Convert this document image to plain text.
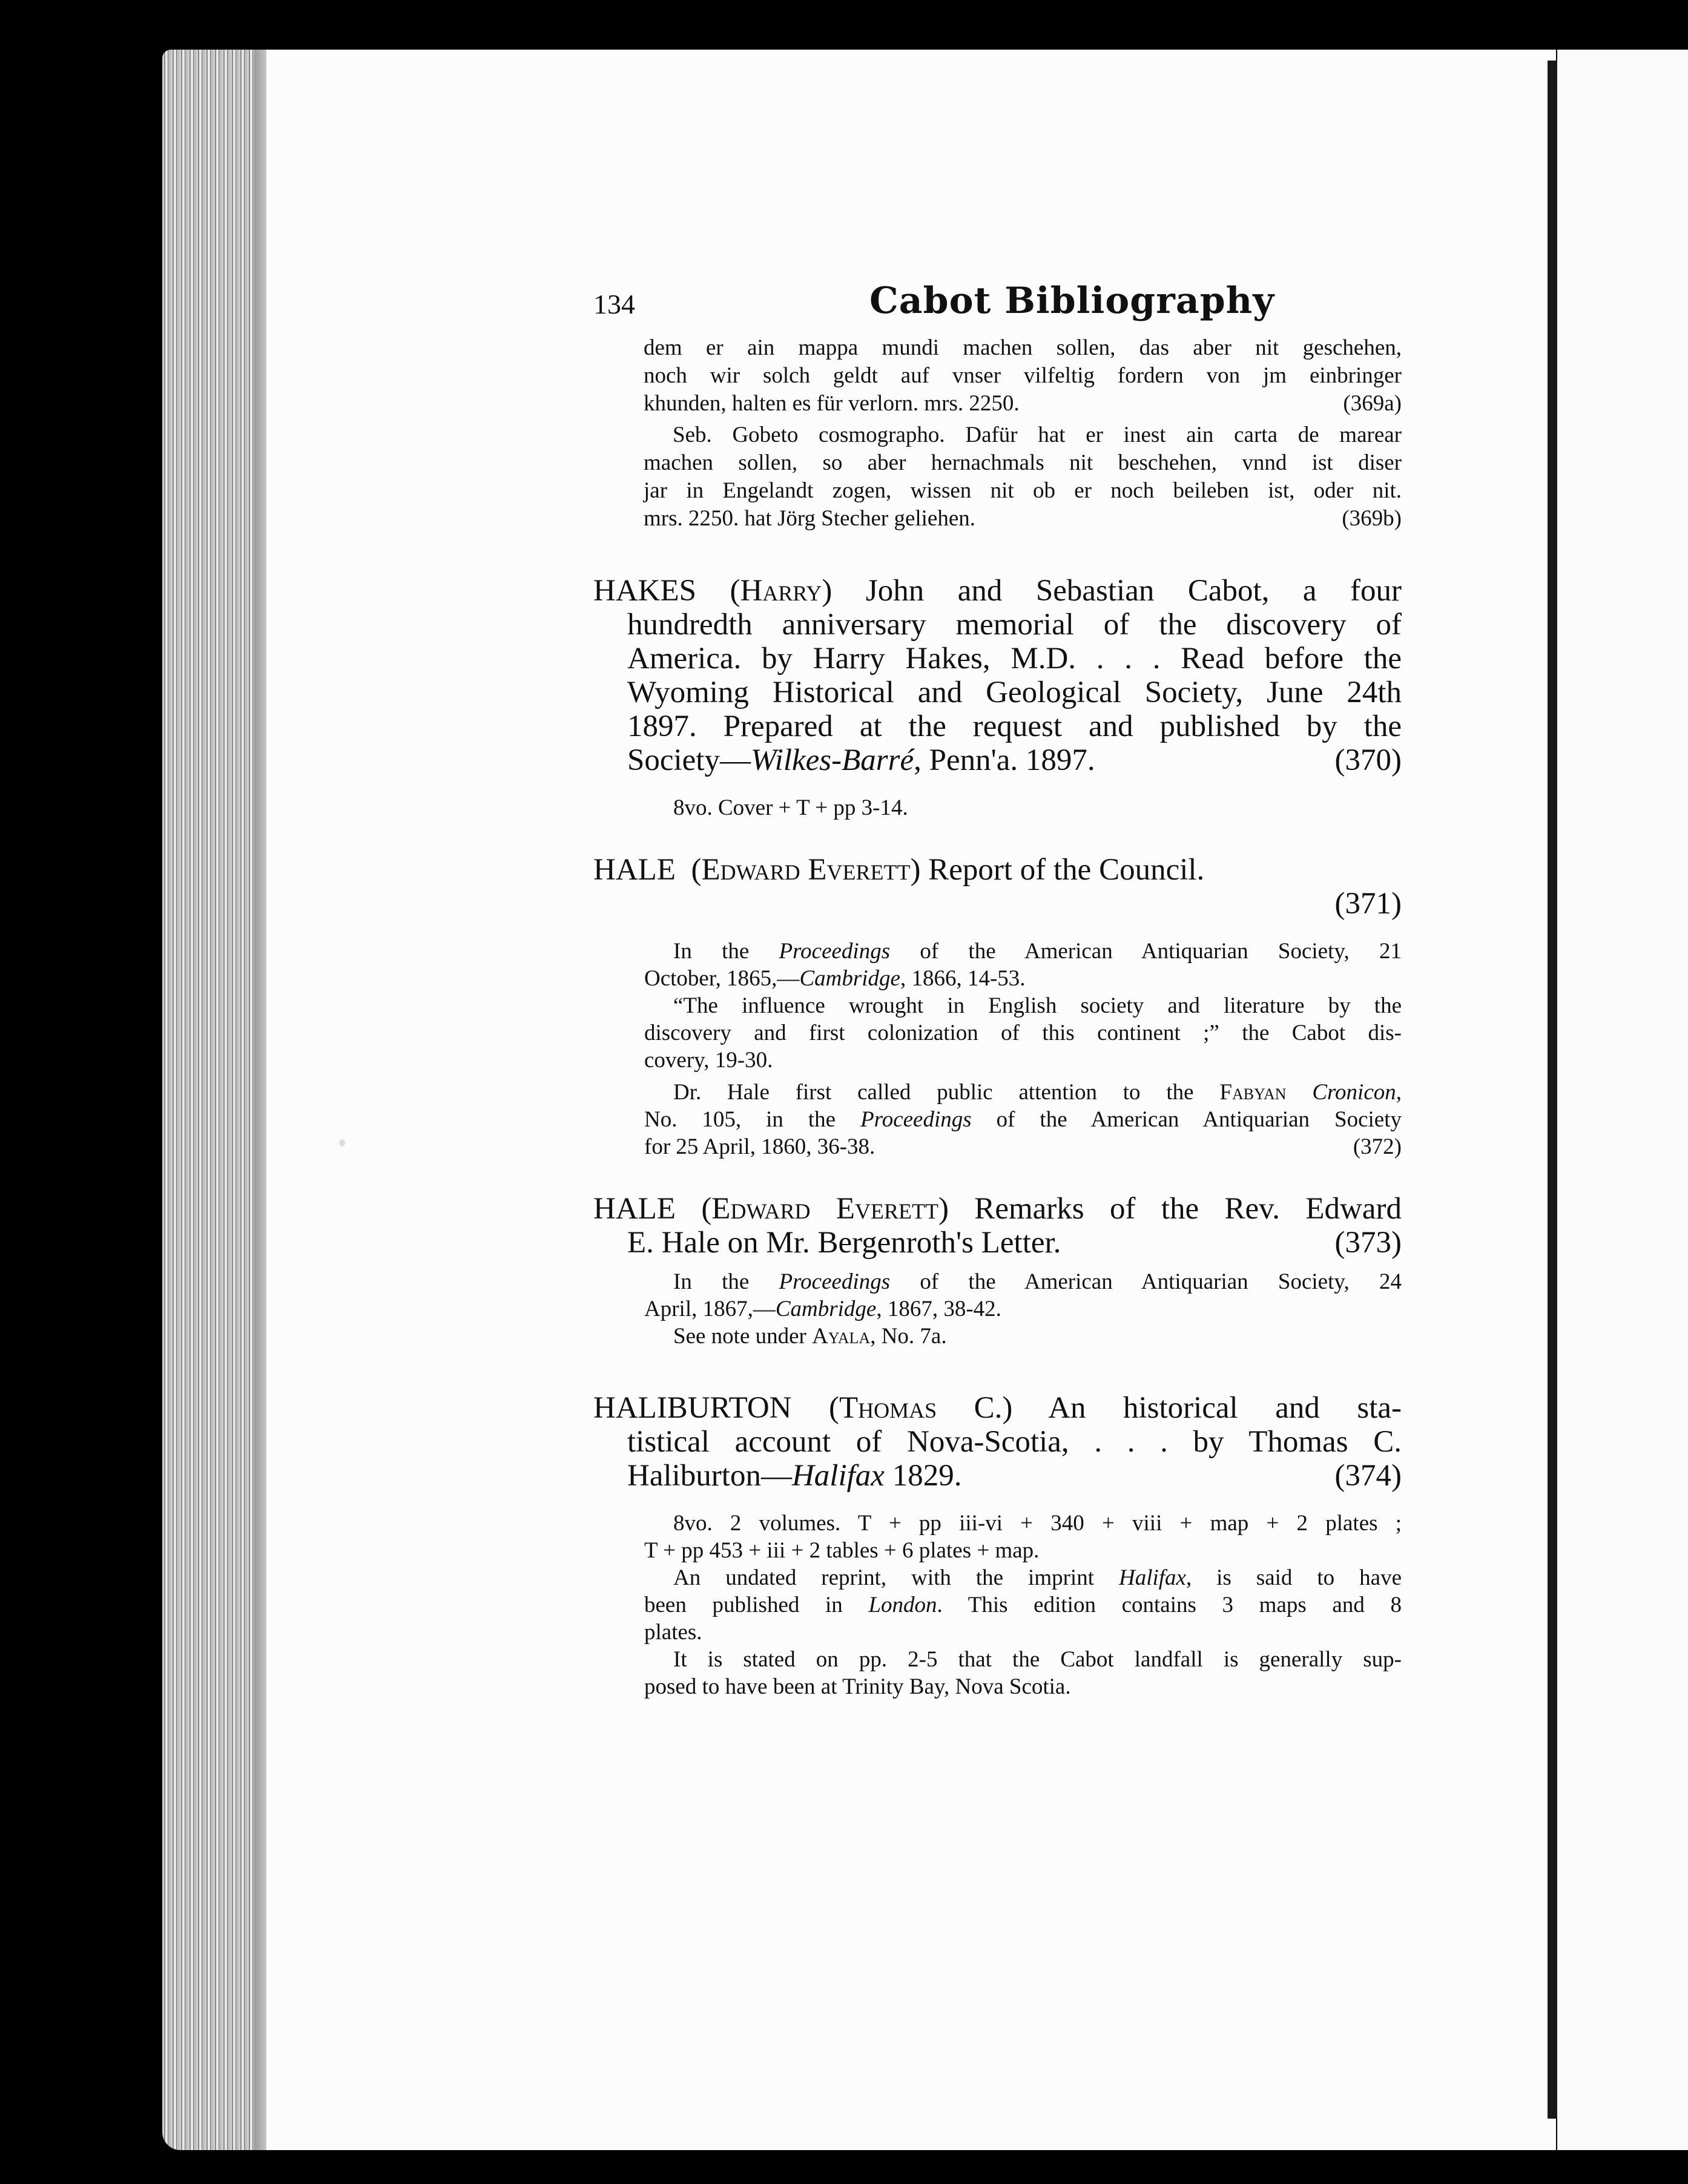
134	Cabot Bibliography
dem er ain mappa mundi machen sollen, das aber nit geschehen,
noch wir solch geldt auf vnser vilfeltig fordern von jm einbringer
khunden, halten es für verlorn. mrs. 2250.	(369a)
Seb. Gobeto cosmographo. Dafür hat er inest ain carta de marear
machen sollen, so aber hernachmals nit beschehen, vnnd ist diser
jar in Engelandt zogen, wissen nit ob er noch beileben ist, oder nit.
mrs. 2250. hat Jörg Stecher geliehen.	(369b)
HAKES (Harry) John and Sebastian Cabot, a four
hundredth anniversary memorial of the discovery of
America. by Harry Hakes, M.D. . . . Read before the
Wyoming Historical and Geological Society, June 24th
1897. Prepared at the request and published by the
Society—Wilkes-Barré, Penn'a. 1897.	(370)

8vo. Cover + T + pp 3-14.

HALE (Edward Everett) Report of the Council.
(371)

In the Proceedings of the American Antiquarian Society, 21

October, 1865,—Cambridge, 1866, 14-53.

“The influence wrought in English society and literature by the

discovery and first colonization of this continent ;” the Cabot dis-

covery, 19-30.

Dr. Hale first called public attention to the Fabyan Cronicon,

No. 105, in the Proceedings of the American Antiquarian Society

for 25 April, 1860, 36-38.	(372)
HALE (Edward Everett) Remarks of the Rev. Edward
E. Hale on Mr. Bergenroth's Letter.	(373)

In the Proceedings of the American Antiquarian Society, 24

April, 1867,—Cambridge, 1867, 38-42.

See note under Ayala, No. 7a.

HALIBURTON (Thomas C.) An historical and sta-
tistical account of Nova-Scotia, . . . by Thomas C.
Haliburton—Halifax 1829.	(374)

8vo. 2 volumes. T + pp iii-vi + 340 + viii + map + 2 plates ;

T + pp 453 + iii + 2 tables + 6 plates + map.

An undated reprint, with the imprint Halifax, is said to have

been published in London. This edition contains 3 maps and 8

plates.

It is stated on pp. 2-5 that the Cabot landfall is generally sup-

posed to have been at Trinity Bay, Nova Scotia.
